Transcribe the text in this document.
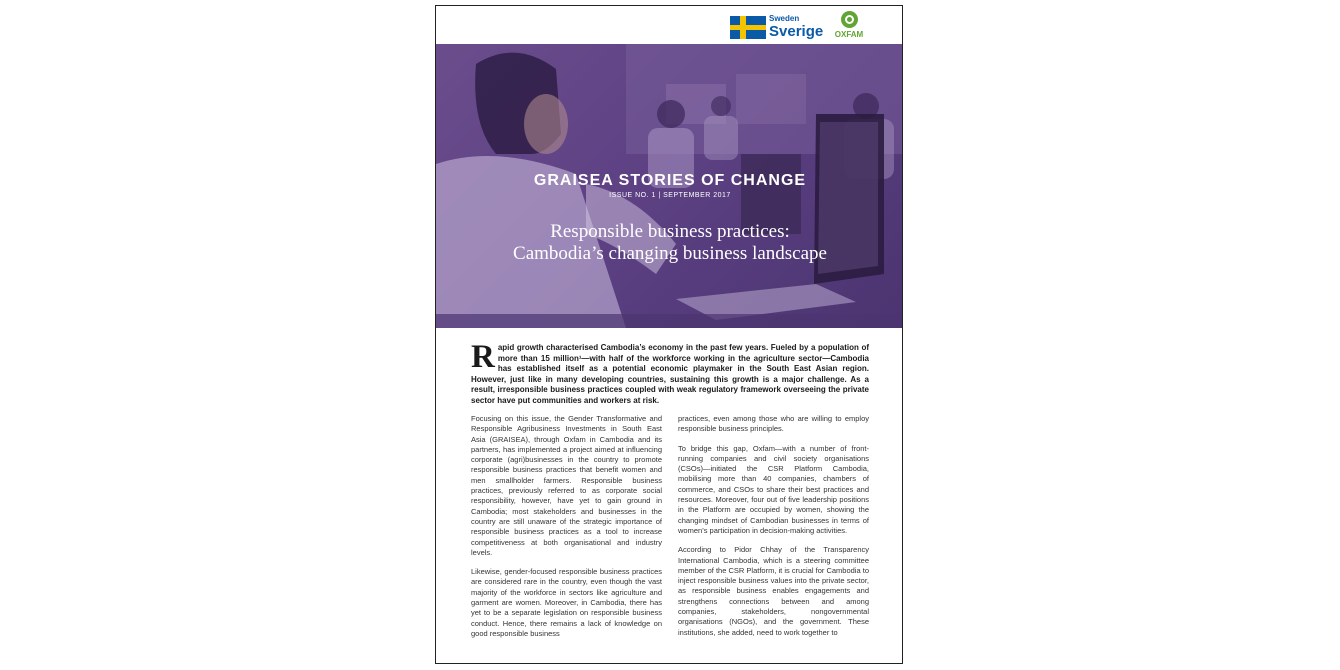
Sweden
Sverige OXFAM
GRAISEA STORIES OF CHANGE
ISSUE NO. 1 | SEPTEMBER 2017
Responsible business practices:
Cambodia’s changing business landscape
R apid growth characterised Cambodia’s economy in the past few years. Fueled by a population of more than 15 million¹—with half of the workforce working in the agriculture sector—Cambodia has established itself as a potential economic playmaker in the South East Asian region. However, just like in many developing countries, sustaining this growth is a major challenge. As a result, irresponsible business practices coupled with weak regulatory framework overseeing the private sector have put communities and workers at risk.

Focusing on this issue, the Gender Transformative and Responsible Agribusiness Investments in South East Asia (GRAISEA), through Oxfam in Cambodia and its partners, has implemented a project aimed at influencing corporate (agri)businesses in the country to promote responsible business practices that benefit women and men smallholder farmers. Responsible business practices, previously referred to as corporate social responsibility, however, have yet to gain ground in Cambodia; most stakeholders and businesses in the country are still unaware of the strategic importance of responsible business practices as a tool to increase competitiveness at both organisational and industry levels.

Likewise, gender-focused responsible business practices are considered rare in the country, even though the vast majority of the workforce in sectors like agriculture and garment are women. Moreover, in Cambodia, there has yet to be a separate legislation on responsible business conduct. Hence, there remains a lack of knowledge on good responsible business

practices, even among those who are willing to employ responsible business principles.

To bridge this gap, Oxfam—with a number of front-running companies and civil society organisations (CSOs)—initiated the CSR Platform Cambodia, mobilising more than 40 companies, chambers of commerce, and CSOs to share their best practices and resources. Moreover, four out of five leadership positions in the Platform are occupied by women, showing the changing mindset of Cambodian businesses in terms of women’s participation in decision-making activities.

According to Pidor Chhay of the Transparency International Cambodia, which is a steering committee member of the CSR Platform, it is crucial for Cambodia to inject responsible business values into the private sector, as responsible business enables engagements and strengthens connections between and among companies, stakeholders, nongovernmental organisations (NGOs), and the government. These institutions, she added, need to work together to
